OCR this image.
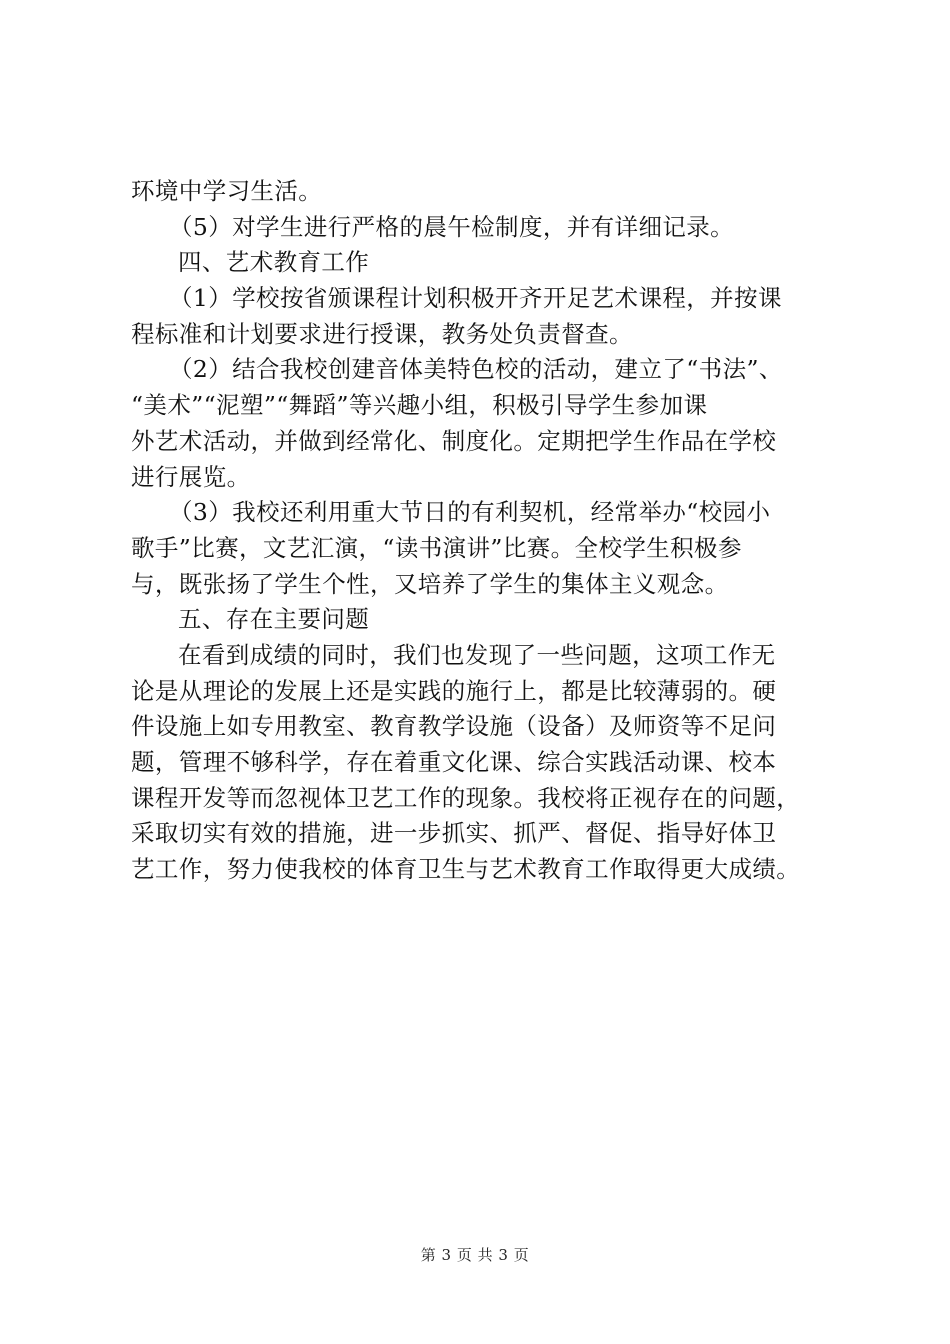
环境中学习生活。
（5）对学生进行严格的晨午检制度，并有详细记录。
四、艺术教育工作
（1）学校按省颁课程计划积极开齐开足艺术课程，并按课
程标准和计划要求进行授课，教务处负责督查。
（2）结合我校创建音体美特色校的活动，建立了“书法”、
“美术”“泥塑”“舞蹈”等兴趣小组，积极引导学生参加课
外艺术活动，并做到经常化、制度化。定期把学生作品在学校
进行展览。
（3）我校还利用重大节日的有利契机，经常举办“校园小
歌手”比赛，文艺汇演，“读书演讲”比赛。全校学生积极参
与，既张扬了学生个性，又培养了学生的集体主义观念。
五、存在主要问题
在看到成绩的同时，我们也发现了一些问题，这项工作无
论是从理论的发展上还是实践的施行上，都是比较薄弱的。硬
件设施上如专用教室、教育教学设施（设备）及师资等不足问
题，管理不够科学，存在着重文化课、综合实践活动课、校本
课程开发等而忽视体卫艺工作的现象。我校将正视存在的问题，
采取切实有效的措施，进一步抓实、抓严、督促、指导好体卫
艺工作，努力使我校的体育卫生与艺术教育工作取得更大成绩。
第 3 页 共 3 页
